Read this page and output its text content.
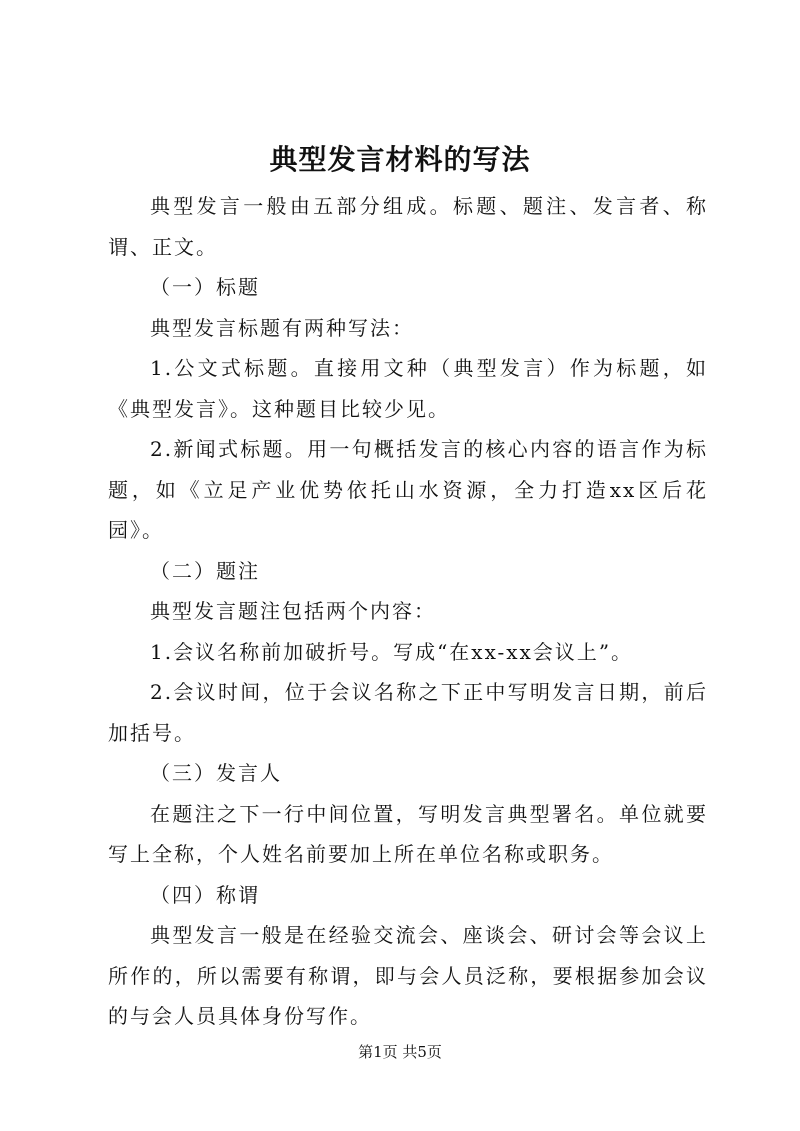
典型发言材料的写法

典型发言一般由五部分组成。标题、题注、发言者、称谓、正文。

（一）标题

典型发言标题有两种写法：

1.公文式标题。直接用文种（典型发言）作为标题，如《典型发言》。这种题目比较少见。

2.新闻式标题。用一句概括发言的核心内容的语言作为标题，如《立足产业优势依托山水资源，全力打造xx区后花园》。

（二）题注

典型发言题注包括两个内容：

1.会议名称前加破折号。写成“在xx-xx会议上”。

2.会议时间，位于会议名称之下正中写明发言日期，前后加括号。

（三）发言人

在题注之下一行中间位置，写明发言典型署名。单位就要写上全称，个人姓名前要加上所在单位名称或职务。

（四）称谓

典型发言一般是在经验交流会、座谈会、研讨会等会议上所作的，所以需要有称谓，即与会人员泛称，要根据参加会议的与会人员具体身份写作。

第1页 共5页
